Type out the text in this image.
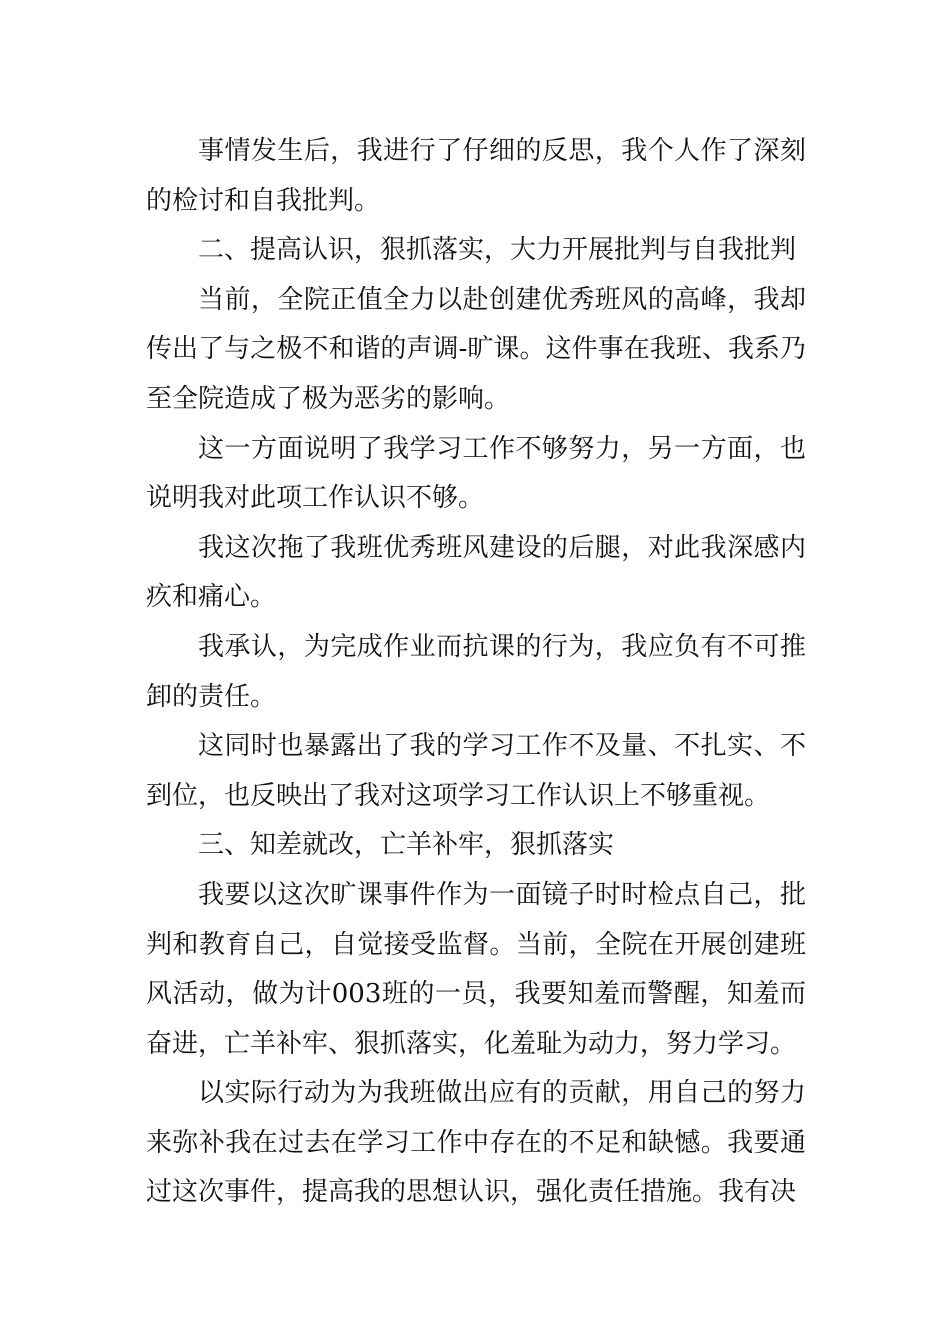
事情发生后，我进行了仔细的反思，我个人作了深刻的检讨和自我批判。

二、提高认识，狠抓落实，大力开展批判与自我批判

当前，全院正值全力以赴创建优秀班风的高峰，我却传出了与之极不和谐的声调-旷课。这件事在我班、我系乃至全院造成了极为恶劣的影响。

这一方面说明了我学习工作不够努力，另一方面，也说明我对此项工作认识不够。

我这次拖了我班优秀班风建设的后腿，对此我深感内疚和痛心。

我承认，为完成作业而抗课的行为，我应负有不可推卸的责任。

这同时也暴露出了我的学习工作不及量、不扎实、不到位，也反映出了我对这项学习工作认识上不够重视。

三、知差就改，亡羊补牢，狠抓落实

我要以这次旷课事件作为一面镜子时时检点自己，批判和教育自己，自觉接受监督。当前，全院在开展创建班风活动，做为计003班的一员，我要知羞而警醒，知羞而奋进，亡羊补牢、狠抓落实，化羞耻为动力，努力学习。

以实际行动为为我班做出应有的贡献，用自己的努力来弥补我在过去在学习工作中存在的不足和缺憾。我要通过这次事件，提高我的思想认识，强化责任措施。我有决
